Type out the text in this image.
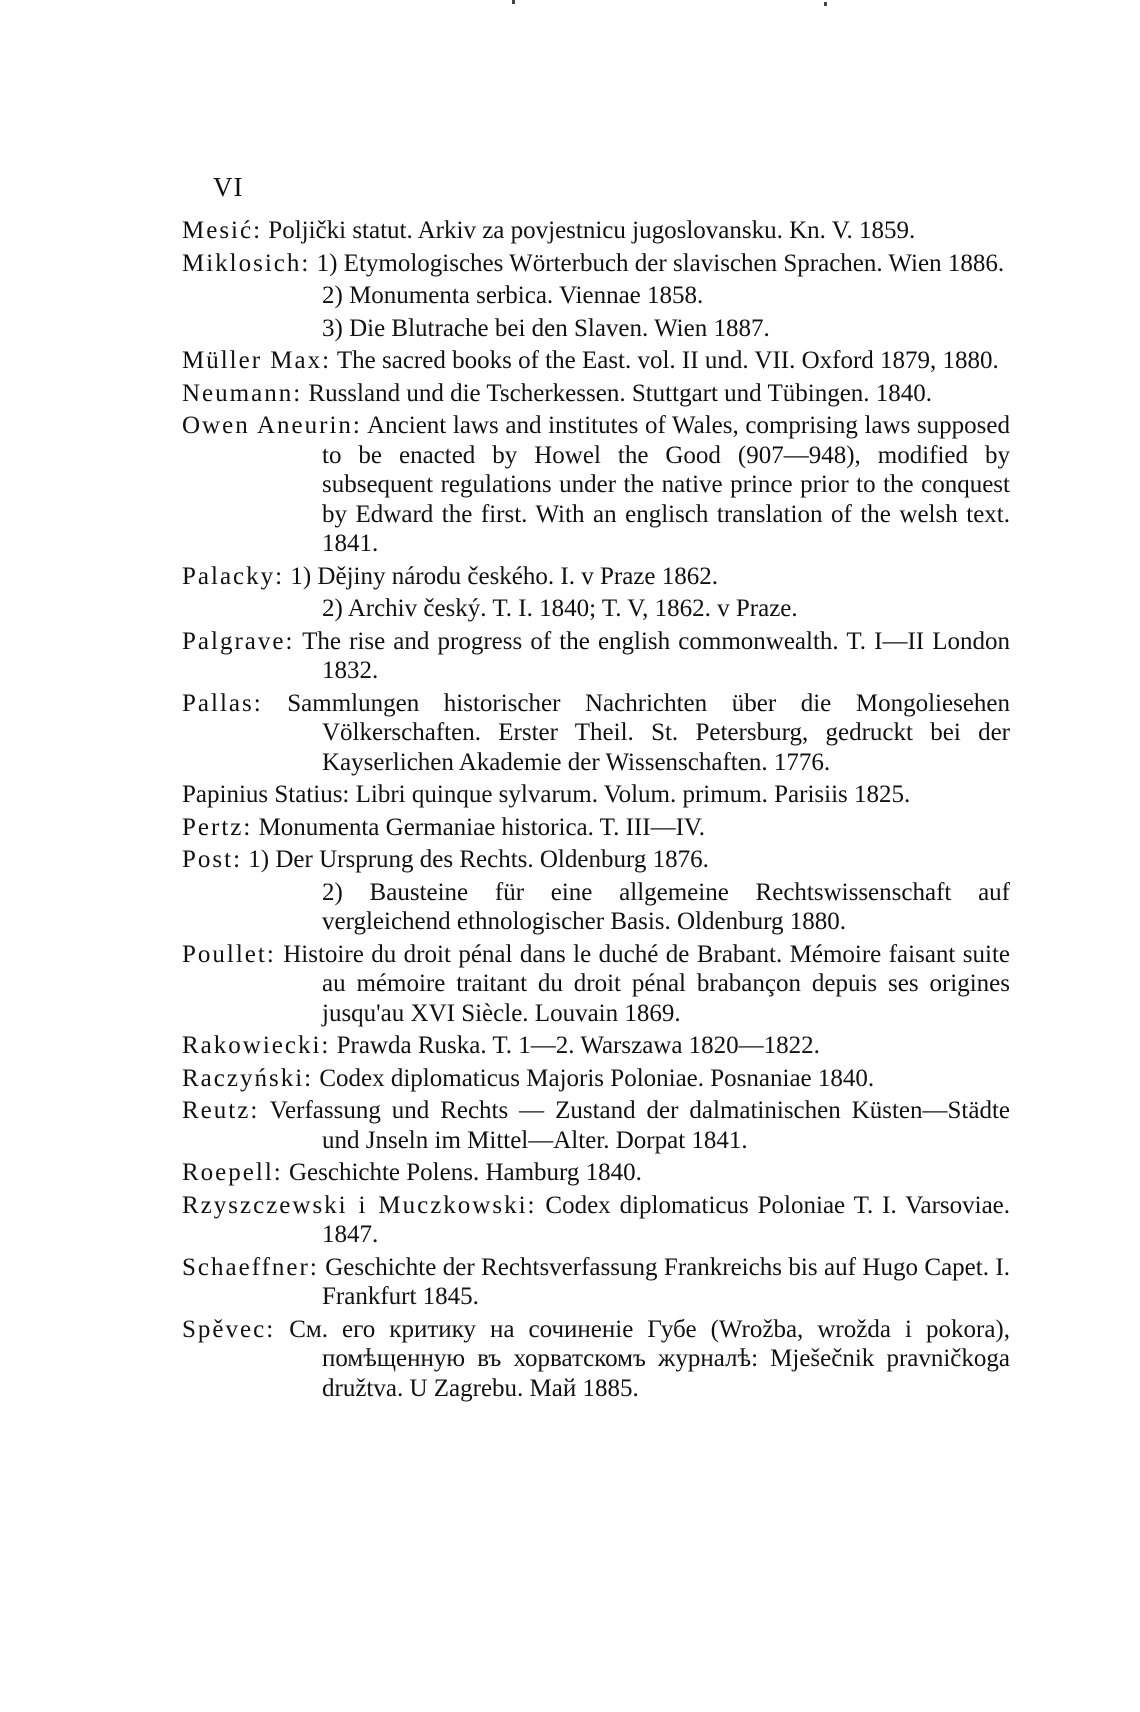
VI

Mesić: Poljički statut. Arkiv za povjestnicu jugoslovansku. Kn. V. 1859.

Miklosich: 1) Etymologisches Wörterbuch der slavischen Sprachen. Wien 1886.

2) Monumenta serbica. Viennae 1858.

3) Die Blutrache bei den Slaven. Wien 1887.

Müller Max: The sacred books of the East. vol. II und. VII. Oxford 1879, 1880.

Neumann: Russland und die Tscherkessen. Stuttgart und Tübingen. 1840.

Owen Aneurin: Ancient laws and institutes of Wales, comprising laws supposed to be enacted by Howel the Good (907—948), modified by subsequent regulations under the native prince prior to the conquest by Edward the first. With an englisch translation of the welsh text. 1841.

Palacky: 1) Dějiny národu českého. I. v Praze 1862.

2) Archiv český. T. I. 1840; T. V, 1862. v Praze.

Palgrave: The rise and progress of the english commonwealth. T. I—II London 1832.

Pallas: Sammlungen historischer Nachrichten über die Mongoliesehen Völkerschaften. Erster Theil. St. Petersburg, gedruckt bei der Kayserlichen Akademie der Wissenschaften. 1776.

Papinius Statius: Libri quinque sylvarum. Volum. primum. Parisiis 1825.

Pertz: Monumenta Germaniae historica. T. III—IV.

Post: 1) Der Ursprung des Rechts. Oldenburg 1876.

2) Bausteine für eine allgemeine Rechtswissenschaft auf vergleichend ethnologischer Basis. Oldenburg 1880.

Poullet: Histoire du droit pénal dans le duché de Brabant. Mémoire faisant suite au mémoire traitant du droit pénal brabançon depuis ses origines jusqu'au XVI Siècle. Louvain 1869.

Rakowiecki: Prawda Ruska. T. 1—2. Warszawa 1820—1822.

Raczyński: Codex diplomaticus Majoris Poloniae. Posnaniae 1840.

Reutz: Verfassung und Rechts — Zustand der dalmatinischen Küsten—Städte und Jnseln im Mittel—Alter. Dorpat 1841.

Roepell: Geschichte Polens. Hamburg 1840.

Rzyszczewski i Muczkowski: Codex diplomaticus Poloniae T. I. Varsoviae. 1847.

Schaeffner: Geschichte der Rechtsverfassung Frankreichs bis auf Hugo Capet. I. Frankfurt 1845.

Spěvec: См. его критику на сочиненiе Губе (Wrožba, wrožda i pokora), помѣщенную въ хорватскомъ журналѣ: Mješečnik pravničkoga družtva. U Zagrebu. Май 1885.
